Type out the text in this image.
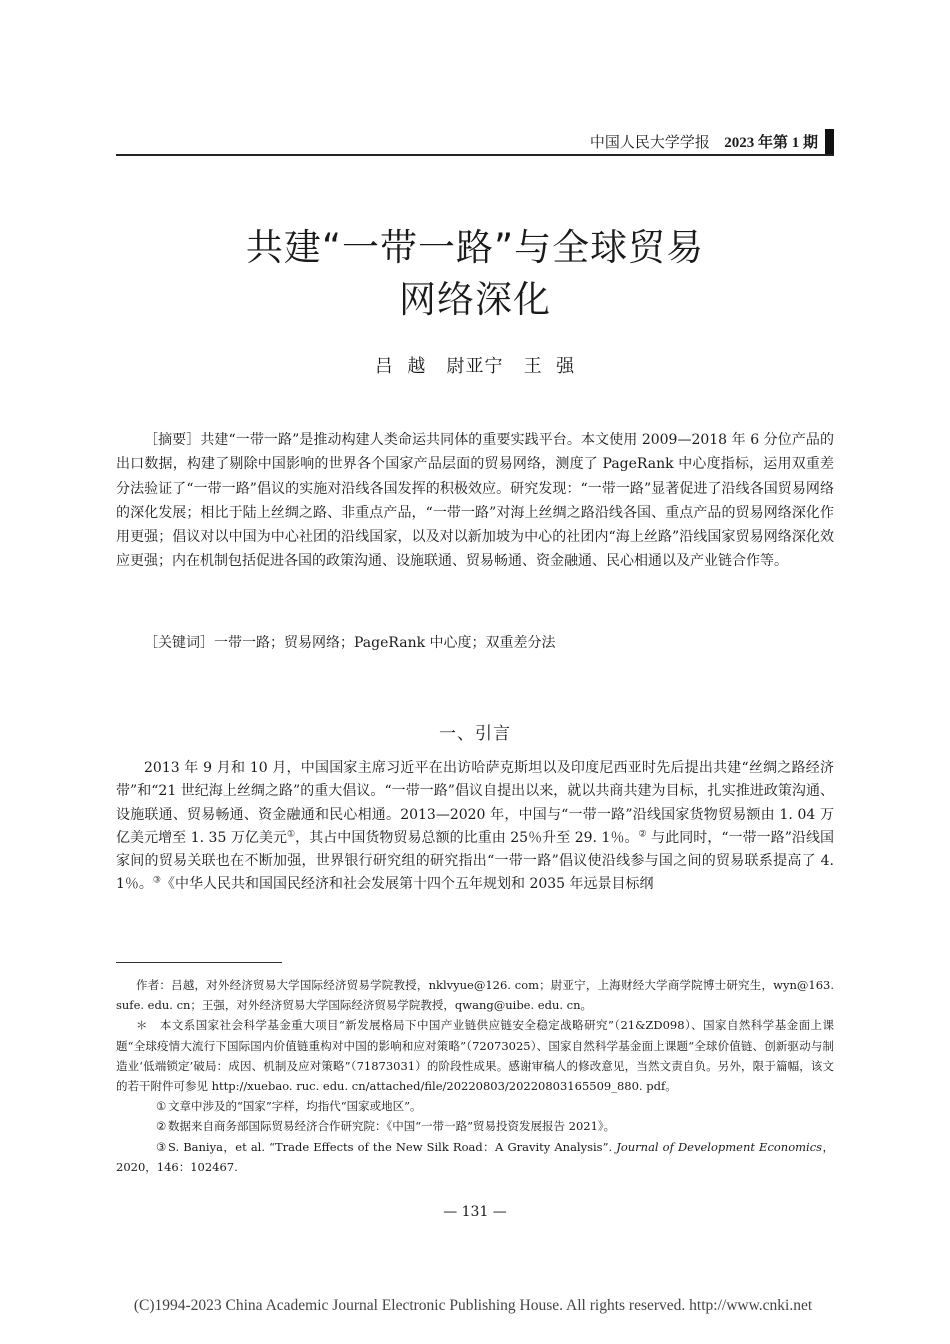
中国人民大学学报 2023 年第 1 期
共建“一带一路”与全球贸易
网络深化
吕  越   尉亚宁   王  强

［摘要］共建“一带一路”是推动构建人类命运共同体的重要实践平台。本文使用 2009—2018 年 6 分位产品的出口数据，构建了剔除中国影响的世界各个国家产品层面的贸易网络，测度了 PageRank 中心度指标，运用双重差分法验证了“一带一路”倡议的实施对沿线各国发挥的积极效应。研究发现：“一带一路”显著促进了沿线各国贸易网络的深化发展；相比于陆上丝绸之路、非重点产品，“一带一路”对海上丝绸之路沿线各国、重点产品的贸易网络深化作用更强；倡议对以中国为中心社团的沿线国家，以及对以新加坡为中心的社团内“海上丝路”沿线国家贸易网络深化效应更强；内在机制包括促进各国的政策沟通、设施联通、贸易畅通、资金融通、民心相通以及产业链合作等。

［关键词］一带一路；贸易网络；PageRank 中心度；双重差分法

一、引言

2013 年 9 月和 10 月，中国国家主席习近平在出访哈萨克斯坦以及印度尼西亚时先后提出共建“丝绸之路经济带”和“21 世纪海上丝绸之路”的重大倡议。“一带一路”倡议自提出以来，就以共商共建为目标，扎实推进政策沟通、设施联通、贸易畅通、资金融通和民心相通。2013—2020 年，中国与“一带一路”沿线国家货物贸易额由 1. 04 万亿美元增至 1. 35 万亿美元①，其占中国货物贸易总额的比重由 25％升至 29. 1％。② 与此同时，“一带一路”沿线国家间的贸易关联也在不断加强，世界银行研究组的研究指出“一带一路”倡议使沿线参与国之间的贸易联系提高了 4. 1％。③《中华人民共和国国民经济和社会发展第十四个五年规划和 2035 年远景目标纲

作者：吕越，对外经济贸易大学国际经济贸易学院教授，nklvyue@126. com；尉亚宁，上海财经大学商学院博士研究生，wyn@163. sufe. edu. cn；王强，对外经济贸易大学国际经济贸易学院教授，qwang@uibe. edu. cn。

＊　本文系国家社会科学基金重大项目“新发展格局下中国产业链供应链安全稳定战略研究”（21&ZD098）、国家自然科学基金面上课题“全球疫情大流行下国际国内价值链重构对中国的影响和应对策略”（72073025）、国家自然科学基金面上课题“全球价值链、创新驱动与制造业‘低端锁定’破局：成因、机制及应对策略”（71873031）的阶段性成果。感谢审稿人的修改意见，当然文责自负。另外，限于篇幅，该文的若干附件可参见 http://xuebao. ruc. edu. cn/attached/file/20220803/20220803165509_880. pdf。

① 文章中涉及的“国家”字样，均指代“国家或地区”。

② 数据来自商务部国际贸易经济合作研究院：《中国“一带一路”贸易投资发展报告 2021》。

③ S. Baniya，et al. “Trade Effects of the New Silk Road：A Gravity Analysis”. Journal of Development Economics，2020，146：102467.

— 131 —
(C)1994-2023 China Academic Journal Electronic Publishing House. All rights reserved. http://www.cnki.net
